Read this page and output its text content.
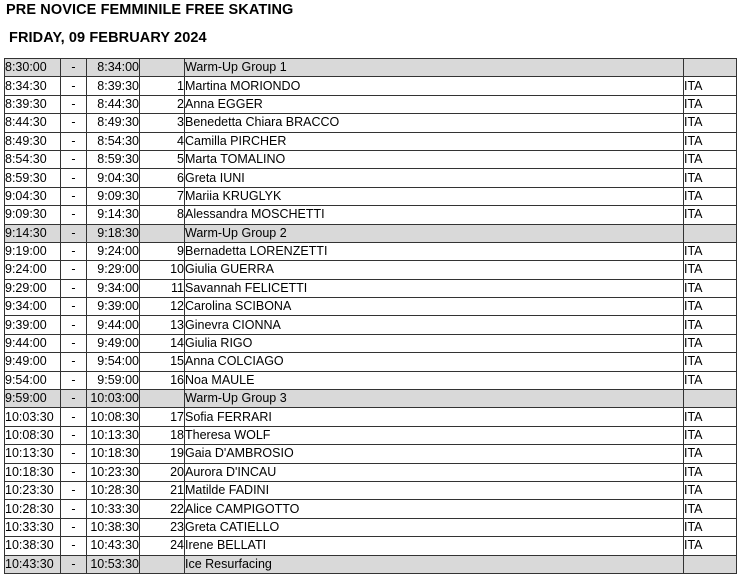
PRE NOVICE FEMMINILE FREE SKATING
FRIDAY, 09 FEBRUARY 2024
8:30:00	-	8:34:00		Warm-Up Group 1	
8:34:30	-	8:39:30	1	Martina MORIONDO	ITA
8:39:30	-	8:44:30	2	Anna EGGER	ITA
8:44:30	-	8:49:30	3	Benedetta Chiara BRACCO	ITA
8:49:30	-	8:54:30	4	Camilla PIRCHER	ITA
8:54:30	-	8:59:30	5	Marta TOMALINO	ITA
8:59:30	-	9:04:30	6	Greta IUNI	ITA
9:04:30	-	9:09:30	7	Mariia KRUGLYK	ITA
9:09:30	-	9:14:30	8	Alessandra MOSCHETTI	ITA
9:14:30	-	9:18:30		Warm-Up Group 2	
9:19:00	-	9:24:00	9	Bernadetta LORENZETTI	ITA
9:24:00	-	9:29:00	10	Giulia GUERRA	ITA
9:29:00	-	9:34:00	11	Savannah FELICETTI	ITA
9:34:00	-	9:39:00	12	Carolina SCIBONA	ITA
9:39:00	-	9:44:00	13	Ginevra CIONNA	ITA
9:44:00	-	9:49:00	14	Giulia RIGO	ITA
9:49:00	-	9:54:00	15	Anna COLCIAGO	ITA
9:54:00	-	9:59:00	16	Noa MAULE	ITA
9:59:00	-	10:03:00		Warm-Up Group 3	
10:03:30	-	10:08:30	17	Sofia FERRARI	ITA
10:08:30	-	10:13:30	18	Theresa WOLF	ITA
10:13:30	-	10:18:30	19	Gaia D'AMBROSIO	ITA
10:18:30	-	10:23:30	20	Aurora D'INCAU	ITA
10:23:30	-	10:28:30	21	Matilde FADINI	ITA
10:28:30	-	10:33:30	22	Alice CAMPIGOTTO	ITA
10:33:30	-	10:38:30	23	Greta CATIELLO	ITA
10:38:30	-	10:43:30	24	Irene BELLATI	ITA
10:43:30	-	10:53:30		Ice Resurfacing	
